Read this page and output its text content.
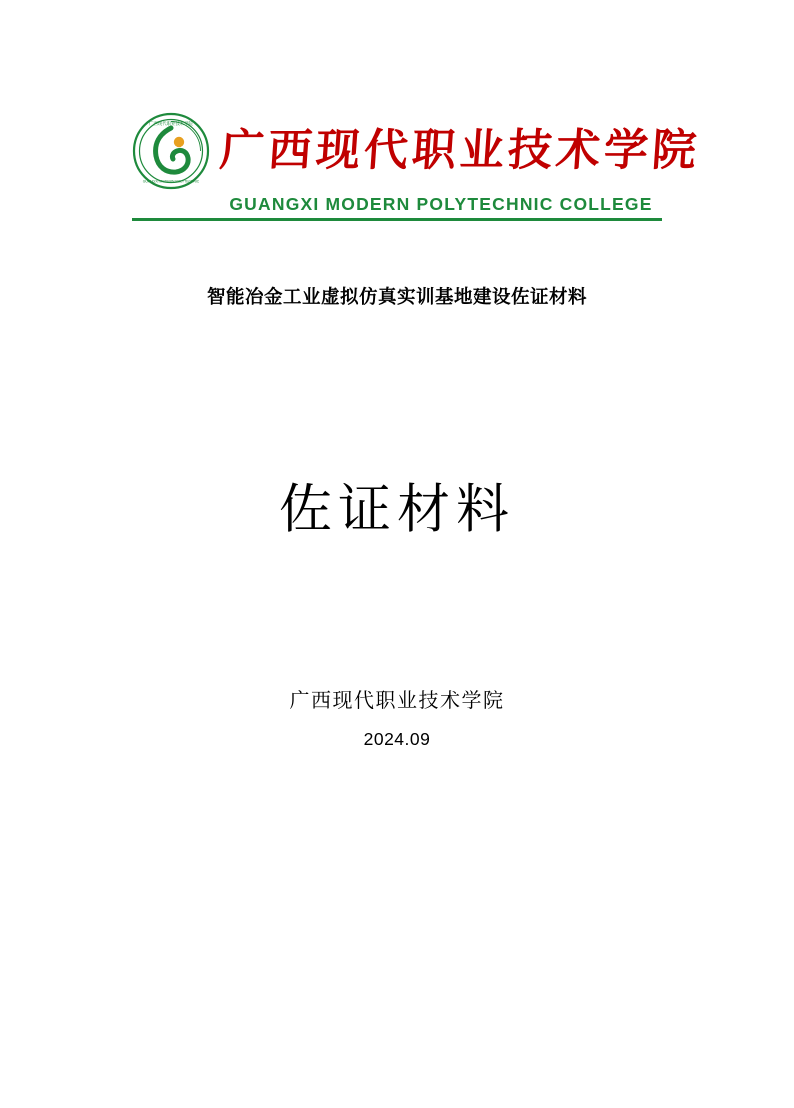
广西现代职业技术学院
GUANGXI MODERN POLYTECHNIC
广西现代职业技术学院
GUANGXI MODERN POLYTECHNIC COLLEGE
智能冶金工业虚拟仿真实训基地建设佐证材料
佐证材料
广西现代职业技术学院
2024.09
